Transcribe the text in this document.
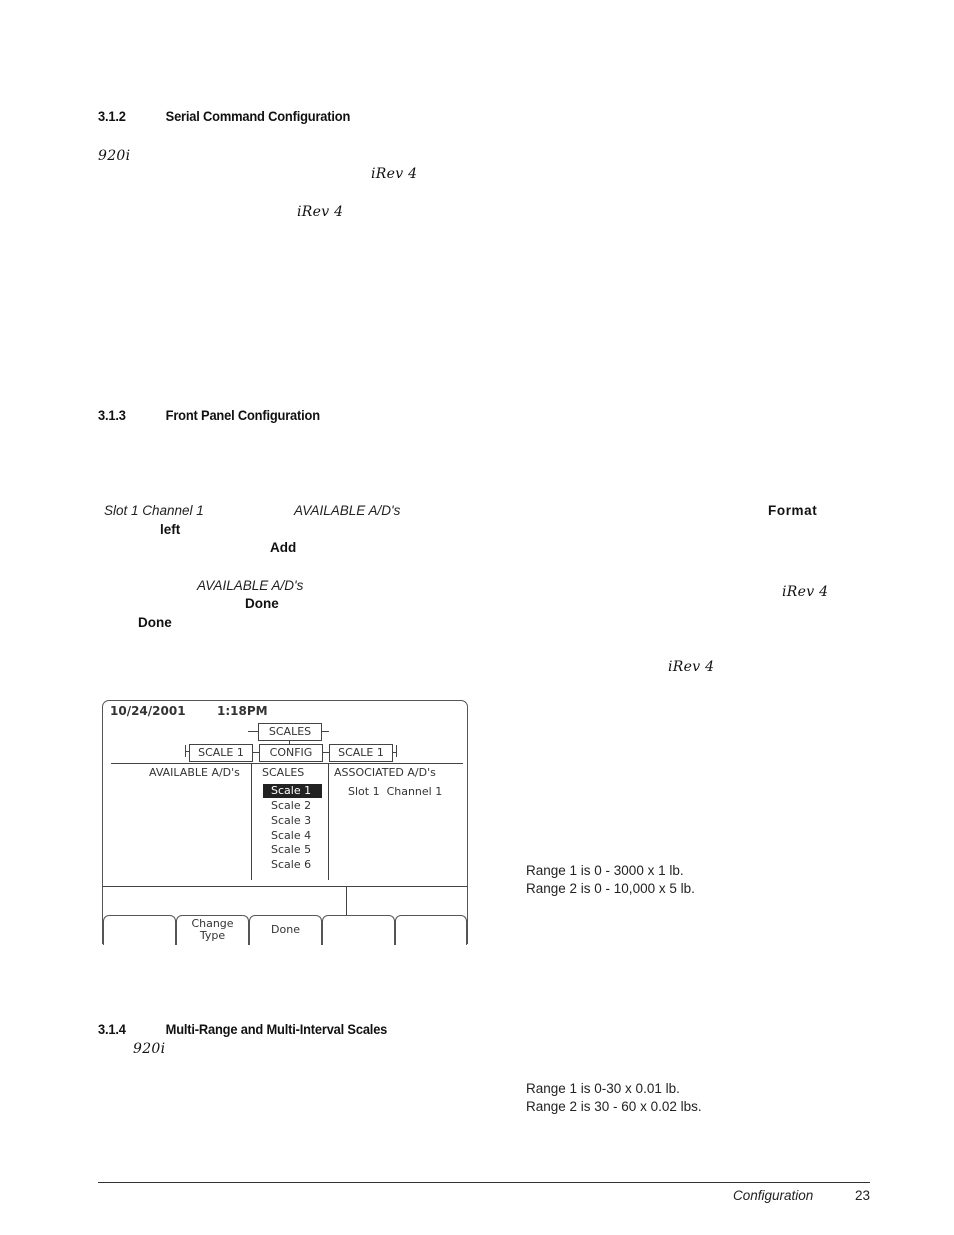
3.1.2	Serial Command Configuration
920i
iRev 4
iRev 4
3.1.3	Front Panel Configuration
Slot 1 Channel 1	AVAILABLE A/D's	Format
left
Add
AVAILABLE A/D's	iRev 4
Done
Done
iRev 4
10/24/2001	1:18PM
SCALES
SCALE 1	CONFIG	SCALE 1
AVAILABLE A/D's SCALES	ASSOCIATED A/D's
Scale 1
Scale 2
Scale 3
Scale 4
Scale 5
Scale 6
Slot 1  Channel 1
Change
Type	Done
Range 1 is 0 - 3000 x 1 lb.
Range 2 is 0 - 10,000 x 5 lb.
3.1.4	Multi-Range and Multi-Interval Scales
920i
Range 1 is 0-30 x 0.01 lb.
Range 2 is 30 - 60 x 0.02 lbs.
Configuration	23
